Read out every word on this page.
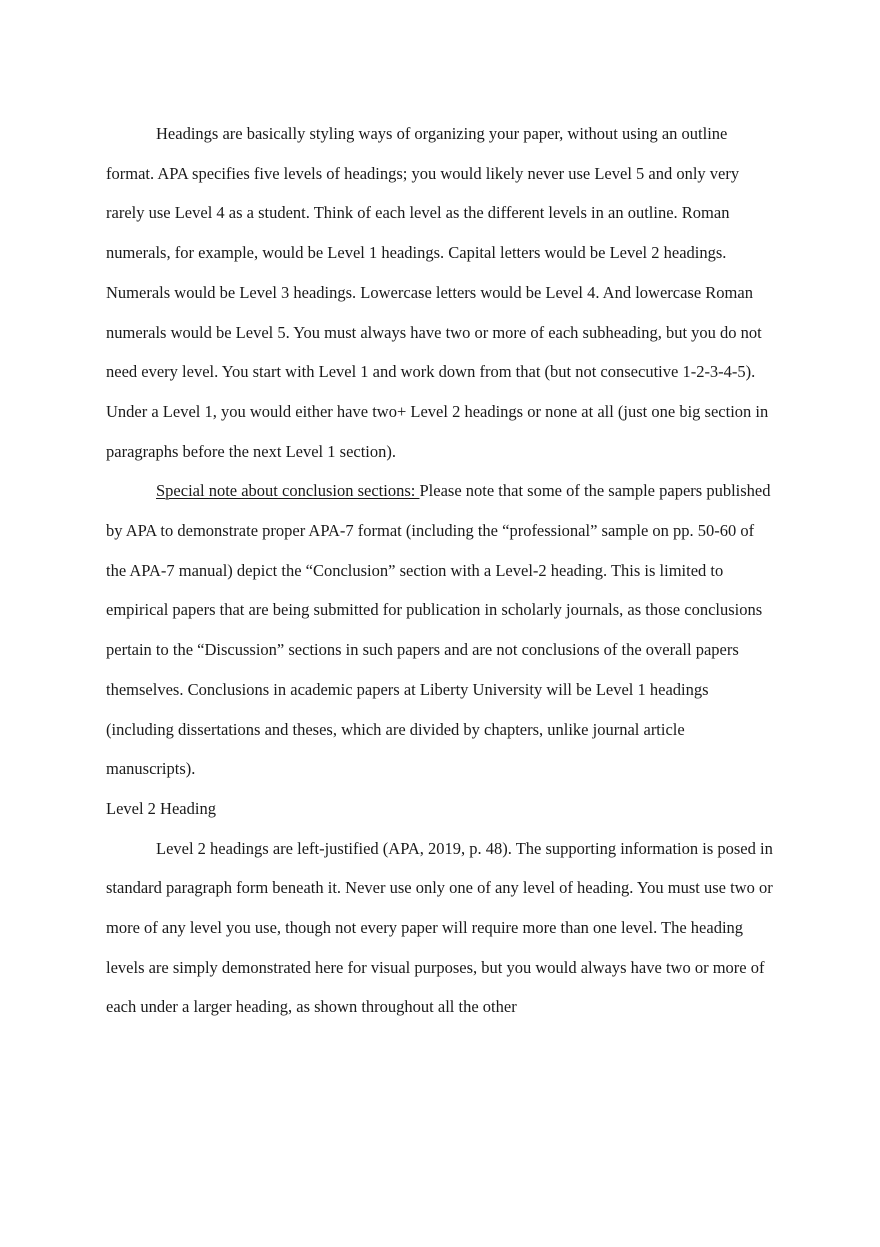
Headings are basically styling ways of organizing your paper, without using an outline format. APA specifies five levels of headings; you would likely never use Level 5 and only very rarely use Level 4 as a student. Think of each level as the different levels in an outline. Roman numerals, for example, would be Level 1 headings. Capital letters would be Level 2 headings. Numerals would be Level 3 headings. Lowercase letters would be Level 4. And lowercase Roman numerals would be Level 5. You must always have two or more of each subheading, but you do not need every level. You start with Level 1 and work down from that (but not consecutive 1-2-3-4-5). Under a Level 1, you would either have two+ Level 2 headings or none at all (just one big section in paragraphs before the next Level 1 section).

Special note about conclusion sections: Please note that some of the sample papers published by APA to demonstrate proper APA-7 format (including the “professional” sample on pp. 50-60 of the APA-7 manual) depict the “Conclusion” section with a Level-2 heading. This is limited to empirical papers that are being submitted for publication in scholarly journals, as those conclusions pertain to the “Discussion” sections in such papers and are not conclusions of the overall papers themselves. Conclusions in academic papers at Liberty University will be Level 1 headings (including dissertations and theses, which are divided by chapters, unlike journal article manuscripts).

Level 2 Heading

Level 2 headings are left-justified (APA, 2019, p. 48). The supporting information is posed in standard paragraph form beneath it. Never use only one of any level of heading. You must use two or more of any level you use, though not every paper will require more than one level. The heading levels are simply demonstrated here for visual purposes, but you would always have two or more of each under a larger heading, as shown throughout all the other
